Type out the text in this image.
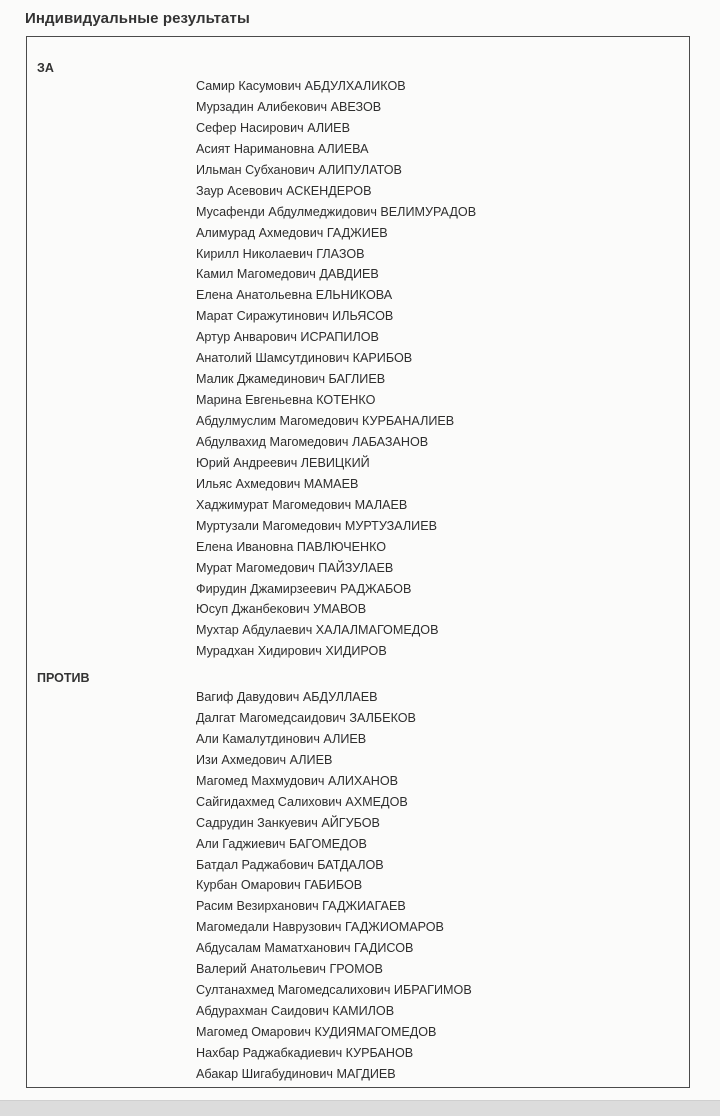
Индивидуальные результаты
ЗА
Самир Касумович АБДУЛХАЛИКОВ
Мурзадин Алибекович АВЕЗОВ
Сефер Насирович АЛИЕВ
Асият Наримановна АЛИЕВА
Ильман Субханович АЛИПУЛАТОВ
Заур Асевович АСКЕНДЕРОВ
Мусафенди Абдулмеджидович ВЕЛИМУРАДОВ
Алимурад Ахмедович ГАДЖИЕВ
Кирилл Николаевич ГЛАЗОВ
Камил Магомедович ДАВДИЕВ
Елена Анатольевна ЕЛЬНИКОВА
Марат Сиражутинович ИЛЬЯСОВ
Артур Анварович ИСРАПИЛОВ
Анатолий Шамсутдинович КАРИБОВ
Малик Джамединович БАГЛИЕВ
Марина Евгеньевна КОТЕНКО
Абдулмуслим Магомедович КУРБАНАЛИЕВ
Абдулвахид Магомедович ЛАБАЗАНОВ
Юрий Андреевич ЛЕВИЦКИЙ
Ильяс Ахмедович МАМАЕВ
Хаджимурат Магомедович МАЛАЕВ
Муртузали Магомедович МУРТУЗАЛИЕВ
Елена Ивановна ПАВЛЮЧЕНКО
Мурат Магомедович ПАЙЗУЛАЕВ
Фирудин Джамирзеевич РАДЖАБОВ
Юсуп Джанбекович УМАВОВ
Мухтар Абдулаевич ХАЛАЛМАГОМЕДОВ
Мурадхан Хидирович ХИДИРОВ
ПРОТИВ
Вагиф Давудович АБДУЛЛАЕВ
Далгат Магомедсаидович ЗАЛБЕКОВ
Али Камалутдинович АЛИЕВ
Изи Ахмедович АЛИЕВ
Магомед Махмудович АЛИХАНОВ
Сайгидахмед Салихович АХМЕДОВ
Садрудин Занкуевич АЙГУБОВ
Али Гаджиевич БАГОМЕДОВ
Батдал Раджабович БАТДАЛОВ
Курбан Омарович ГАБИБОВ
Расим Везирханович ГАДЖИАГАЕВ
Магомедали Наврузович ГАДЖИОМАРОВ
Абдусалам Маматханович ГАДИСОВ
Валерий Анатольевич ГРОМОВ
Султанахмед Магомедсалихович ИБРАГИМОВ
Абдурахман Саидович КАМИЛОВ
Магомед Омарович КУДИЯМАГОМЕДОВ
Нахбар Раджабкадиевич КУРБАНОВ
Абакар Шигабудинович МАГДИЕВ
